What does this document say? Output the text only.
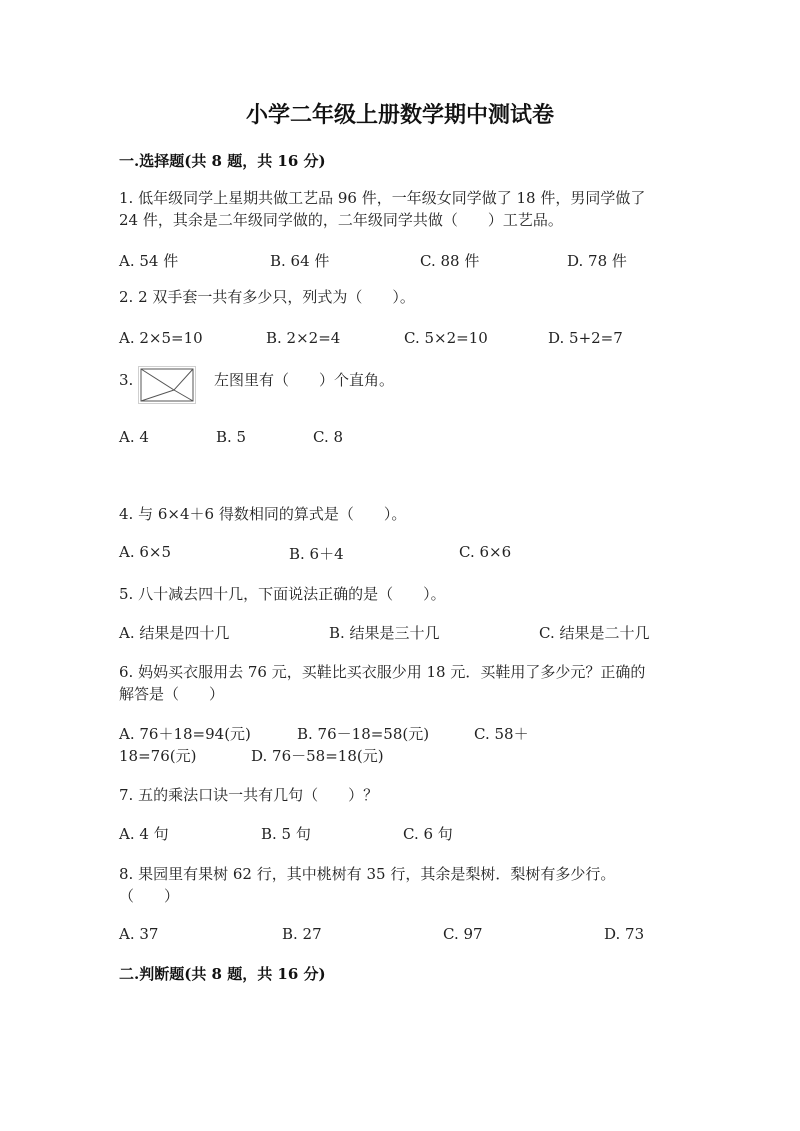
小学二年级上册数学期中测试卷
一.选择题(共 8 题，共 16 分)
1. 低年级同学上星期共做工艺品 96 件，一年级女同学做了 18 件，男同学做了
24 件，其余是二年级同学做的，二年级同学共做（　　）工艺品。
A. 54 件	B. 64 件	C. 88 件	D. 78 件
2. 2 双手套一共有多少只，列式为（　　）。
A. 2×5=10	B. 2×2=4	C. 5×2=10	D. 5+2=7
3.	左图里有（　　）个直角。
A. 4	B. 5	C. 8
4. 与 6×4＋6 得数相同的算式是（　　）。
A. 6×5	B. 6＋4	C. 6×6
5. 八十减去四十几，下面说法正确的是（　　）。
A. 结果是四十几	B. 结果是三十几	C. 结果是二十几
6. 妈妈买衣服用去 76 元，买鞋比买衣服少用 18 元．买鞋用了多少元？正确的
解答是（　　）
A. 76＋18=94(元)	B. 76－18=58(元)	C. 58＋
18=76(元)	D. 76－58=18(元)
7. 五的乘法口诀一共有几句（　　）？
A. 4 句	B. 5 句	C. 6 句
8. 果园里有果树 62 行，其中桃树有 35 行，其余是梨树．梨树有多少行。
（　　）
A. 37	B. 27	C. 97	D. 73
二.判断题(共 8 题，共 16 分)
